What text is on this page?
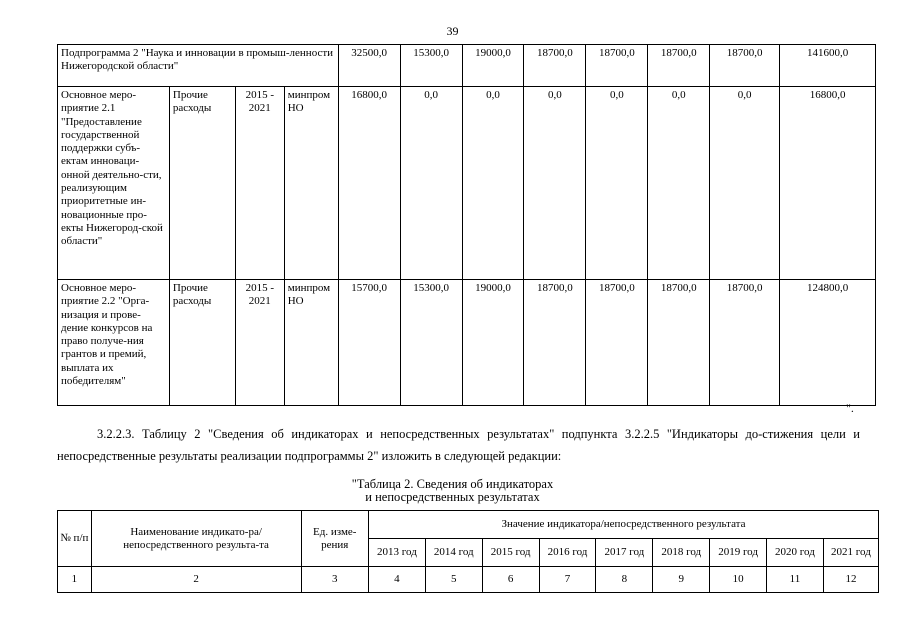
39
Подпрограмма 2 "Наука и инновации в промыш-ленности Нижегородской области"				32500,0	15300,0	19000,0	18700,0	18700,0	18700,0	18700,0	141600,0
Основное меро-приятие 2.1 "Предоставление государственной поддержки субъ-ектам инноваци-онной деятельно-сти, реализующим приоритетные ин-новационные про-екты Нижегород-ской области"	Прочие расходы	2015 - 2021	минпром НО	16800,0	0,0	0,0	0,0	0,0	0,0	0,0	16800,0
Основное меро-приятие 2.2 "Орга-низация и прове-дение конкурсов на право получе-ния грантов и премий, выплата их победителям"	Прочие расходы	2015 - 2021	минпром НО	15700,0	15300,0	19000,0	18700,0	18700,0	18700,0	18700,0	124800,0
".

3.2.2.3. Таблицу 2 "Сведения об индикаторах и непосредственных результатах" подпункта 3.2.2.5 "Индикаторы до-стижения цели и непосредственные результаты реализации подпрограммы 2" изложить в следующей редакции:

"Таблица 2. Сведения об индикаторах
и непосредственных результатах
№ п/п	Наименование индикато-ра/непосредственного результа-та	Ед. изме-рения	Значение индикатора/непосредственного результата								
			2013 год	2014 год	2015 год	2016 год	2017 год	2018 год	2019 год	2020 год	2021 год
1	2	3	4	5	6	7	8	9	10	11	12
